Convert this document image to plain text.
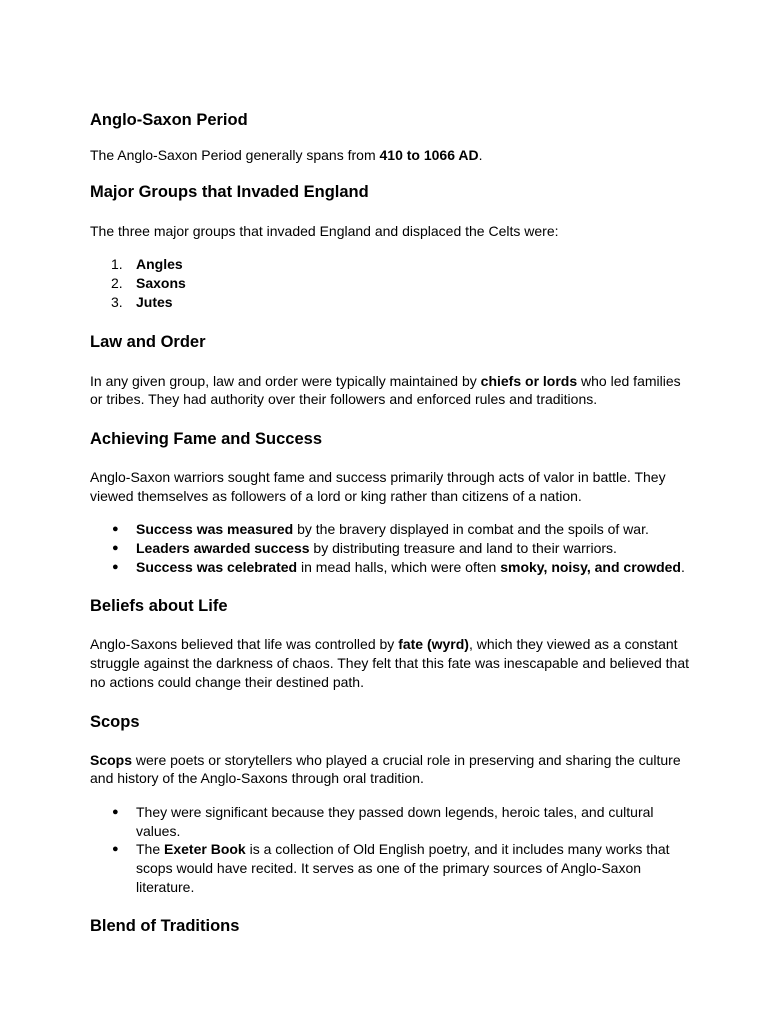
Anglo-Saxon Period

The Anglo-Saxon Period generally spans from 410 to 1066 AD.

Major Groups that Invaded England

The three major groups that invaded England and displaced the Celts were:

1. Angles
2. Saxons
3. Jutes
Law and Order

In any given group, law and order were typically maintained by chiefs or lords who led families or tribes. They had authority over their followers and enforced rules and traditions.

Achieving Fame and Success

Anglo-Saxon warriors sought fame and success primarily through acts of valor in battle. They viewed themselves as followers of a lord or king rather than citizens of a nation.

● Success was measured by the bravery displayed in combat and the spoils of war.
● Leaders awarded success by distributing treasure and land to their warriors.
● Success was celebrated in mead halls, which were often smoky, noisy, and crowded.
Beliefs about Life

Anglo-Saxons believed that life was controlled by fate (wyrd), which they viewed as a constant struggle against the darkness of chaos. They felt that this fate was inescapable and believed that no actions could change their destined path.

Scops

Scops were poets or storytellers who played a crucial role in preserving and sharing the culture and history of the Anglo-Saxons through oral tradition.

● They were significant because they passed down legends, heroic tales, and cultural values.
● The Exeter Book is a collection of Old English poetry, and it includes many works that scops would have recited. It serves as one of the primary sources of Anglo-Saxon literature.
Blend of Traditions
